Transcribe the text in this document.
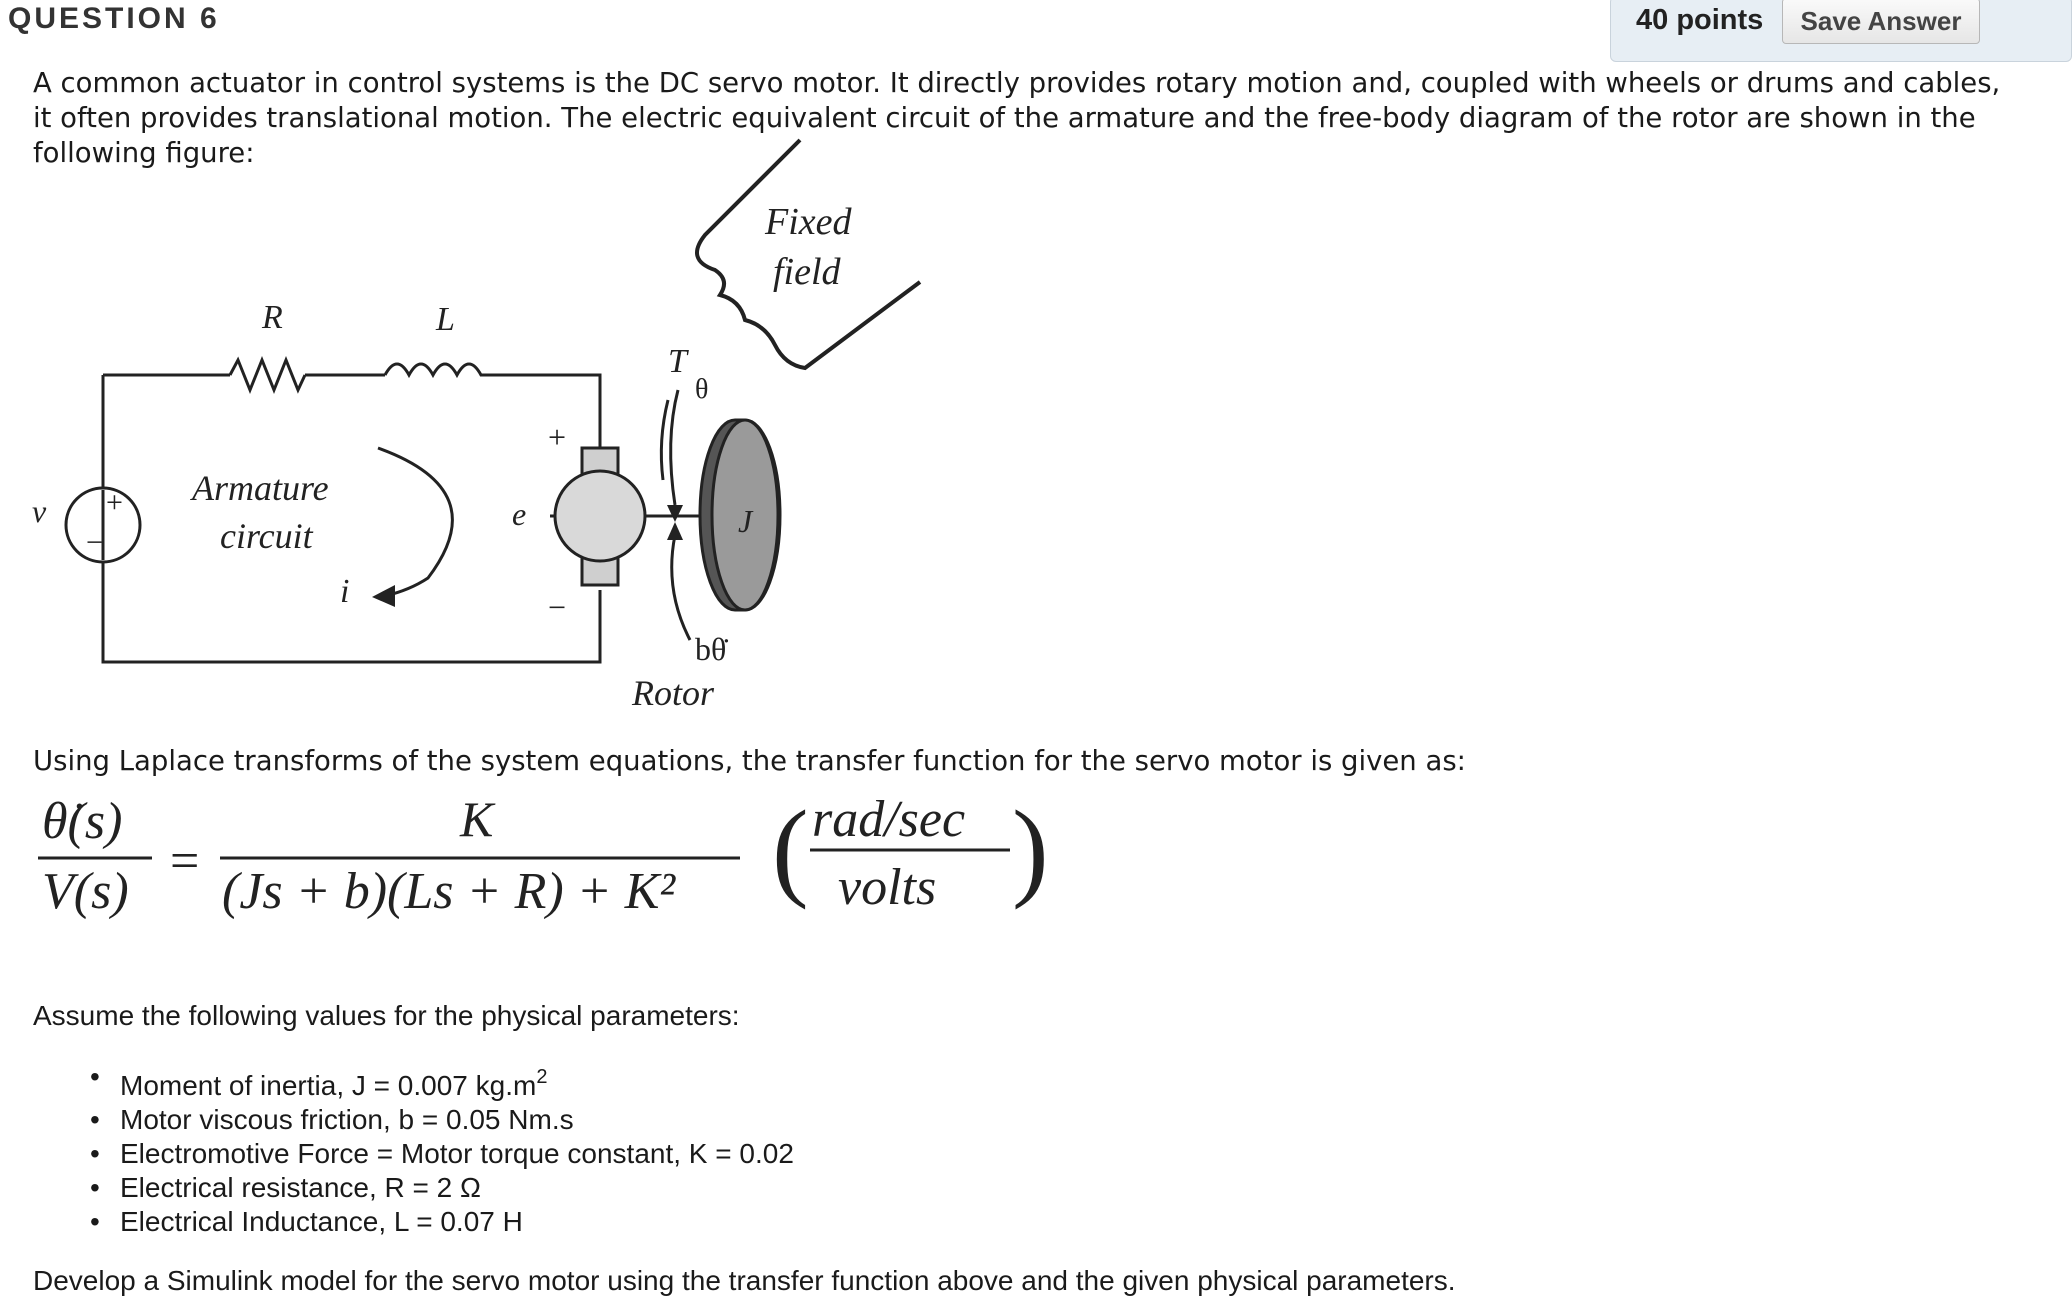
QUESTION 6	40 points	Save Answer
A common actuator in control systems is the DC servo motor. It directly provides rotary motion and, coupled with wheels or drums and cables, it often provides translational motion. The electric equivalent circuit of the armature and the free-body diagram of the rotor are shown in the following figure:
+
−
R	L
v
Armature
circuit
i
e
+
−
T
θ
J
bθ̇
Rotor
Fixed
field
Using Laplace transforms of the system equations, the transfer function for the servo motor is given as:
θ̇(s)
V(s)
=
K
(Js + b)(Ls + R) + K² ( rad/sec
volts )
Assume the following values for the physical parameters:
• Moment of inertia, J = 0.007 $kg.m^2$
• Motor viscous friction, b = 0.05 Nm.s
• Electromotive Force = Motor torque constant, K = 0.02
• Electrical resistance, R = 2 Ω
• Electrical Inductance, L = 0.07 H
Develop a Simulink model for the servo motor using the transfer function above and the given physical parameters.
